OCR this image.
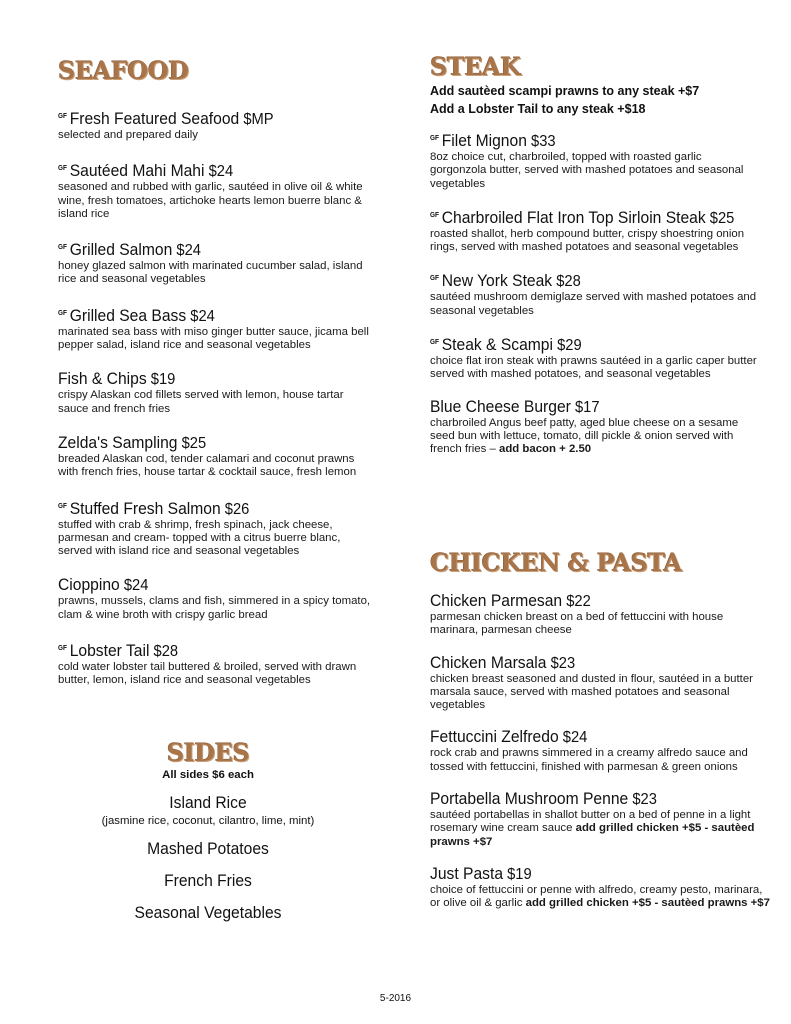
SEAFOOD
$^{GF}$ Fresh Featured Seafood $MP
selected and prepared daily
$^{GF}$ Sautéed Mahi Mahi $24
seasoned and rubbed with garlic, sautéed in olive oil & white wine, fresh tomatoes, artichoke hearts lemon buerre blanc & island rice
$^{GF}$ Grilled Salmon $24
honey glazed salmon with marinated cucumber salad, island rice and seasonal vegetables
$^{GF}$ Grilled Sea Bass $24
marinated sea bass with miso ginger butter sauce, jicama bell pepper salad, island rice and seasonal vegetables
Fish & Chips $19
crispy Alaskan cod fillets served with lemon, house tartar sauce and french fries
Zelda's Sampling $25
breaded Alaskan cod, tender calamari and coconut prawns with french fries, house tartar & cocktail sauce, fresh lemon
$^{GF}$ Stuffed Fresh Salmon $26
stuffed with crab & shrimp, fresh spinach, jack cheese, parmesan and cream- topped with a citrus buerre blanc, served with island rice and seasonal vegetables
Cioppino $24
prawns, mussels, clams and fish, simmered in a spicy tomato, clam & wine broth with crispy garlic bread
$^{GF}$ Lobster Tail $28
cold water lobster tail buttered & broiled, served with drawn butter, lemon, island rice and seasonal vegetables
SIDES
All sides $6 each
Island Rice
(jasmine rice, coconut, cilantro, lime, mint)
Mashed Potatoes
French Fries
Seasonal Vegetables
STEAK
Add sautèed scampi prawns to any steak +$7
Add a Lobster Tail to any steak +$18
$^{GF}$ Filet Mignon $33
8oz choice cut, charbroiled, topped with roasted garlic gorgonzola butter, served with mashed potatoes and seasonal vegetables
$^{GF}$ Charbroiled Flat Iron Top Sirloin Steak $25
roasted shallot, herb compound butter, crispy shoestring onion rings, served with mashed potatoes and seasonal vegetables
$^{GF}$ New York Steak $28
sautéed mushroom demiglaze served with mashed potatoes and seasonal vegetables
$^{GF}$ Steak & Scampi $29
choice flat iron steak with prawns sautéed in a garlic caper butter served with mashed potatoes, and seasonal vegetables
Blue Cheese Burger $17
charbroiled Angus beef patty, aged blue cheese on a sesame seed bun with lettuce, tomato, dill pickle & onion served with french fries – add bacon + 2.50
CHICKEN & PASTA
Chicken Parmesan $22
parmesan chicken breast on a bed of fettuccini with house marinara, parmesan cheese
Chicken Marsala $23
chicken breast seasoned and dusted in flour, sautéed in a butter marsala sauce, served with mashed potatoes and seasonal vegetables
Fettuccini Zelfredo $24
rock crab and prawns simmered in a creamy alfredo sauce and tossed with fettuccini, finished with parmesan & green onions
Portabella Mushroom Penne $23
sautéed portabellas in shallot butter on a bed of penne in a light rosemary wine cream sauce add grilled chicken +$5 - sautèed prawns +$7
Just Pasta $19
choice of fettuccini or penne with alfredo, creamy pesto, marinara, or olive oil & garlic add grilled chicken +$5 - sautèed prawns +$7
5-2016
